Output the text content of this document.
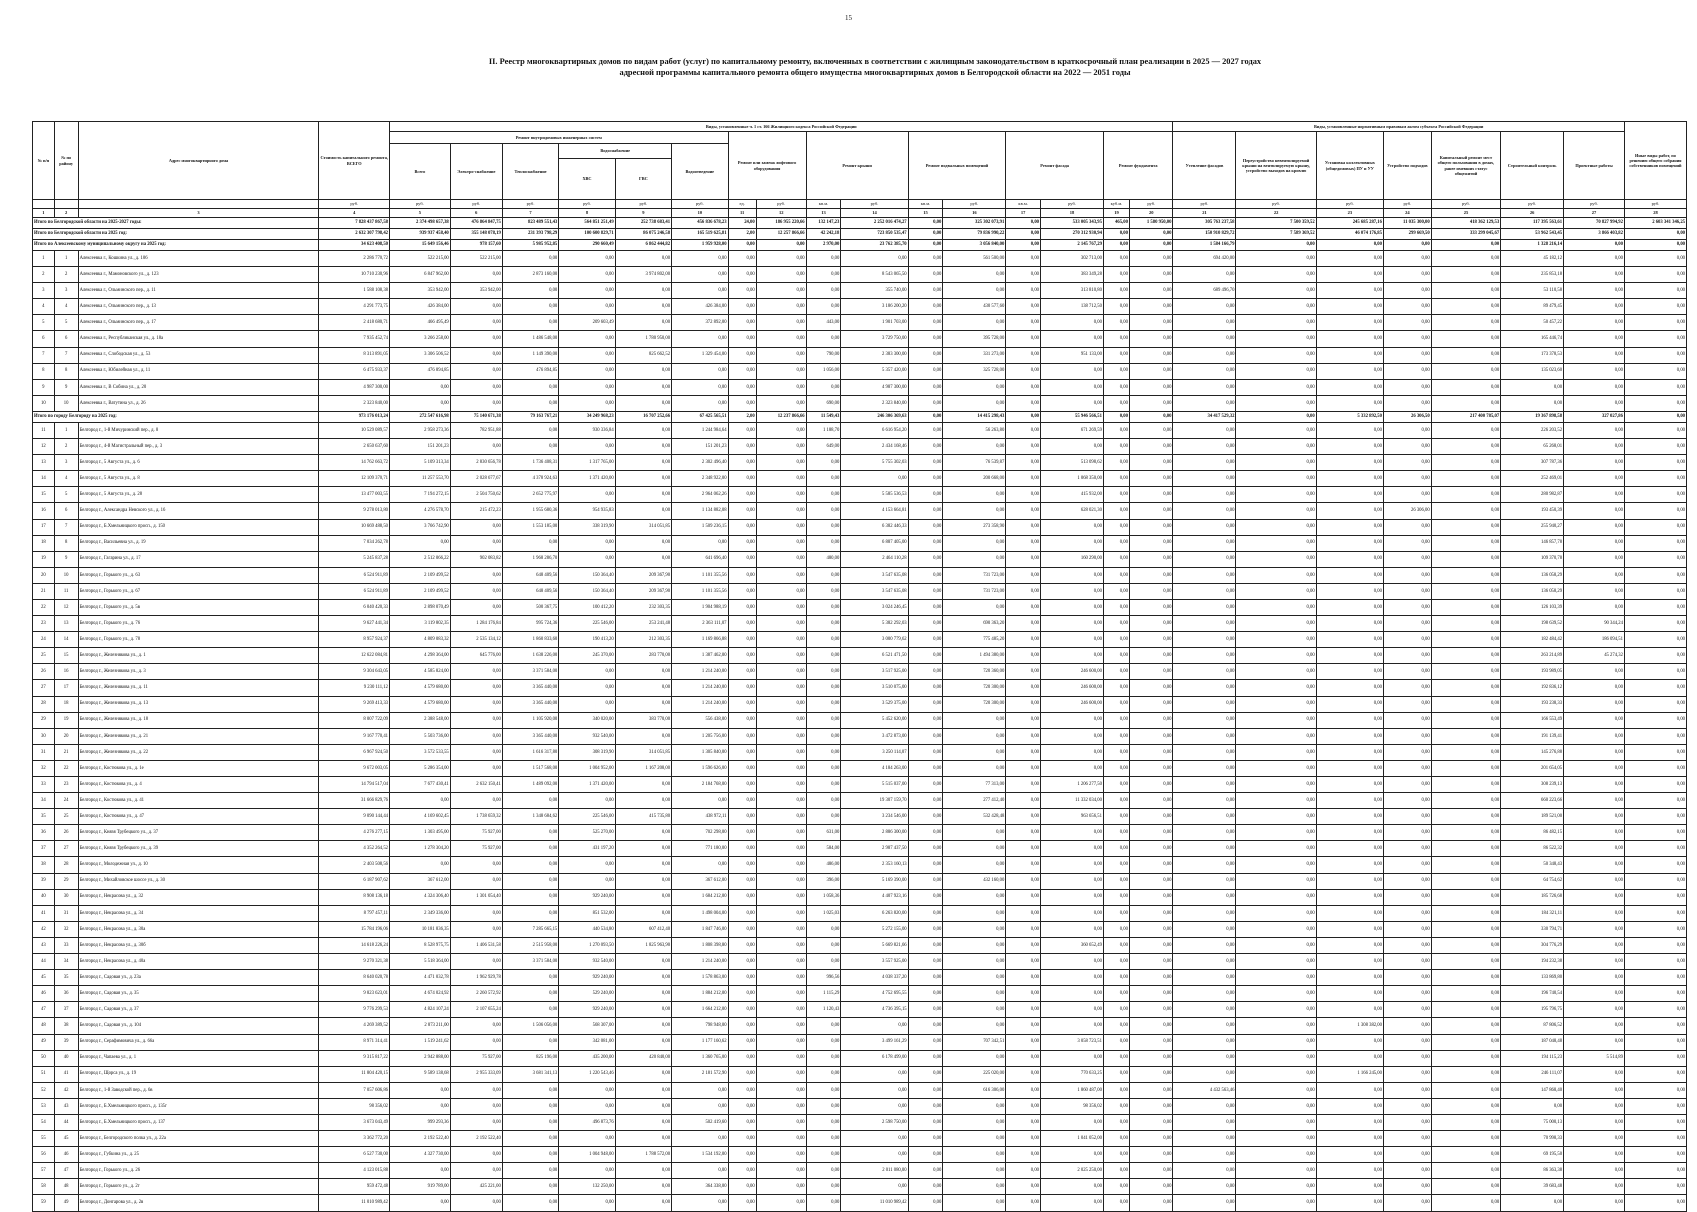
15
II. Реестр многоквартирных домов по видам работ (услуг) по капитальному ремонту, включенных в соответствии с жилищным законодательством в краткосрочный план реализации в 2025 — 2027 годах
адресной программы капитального ремонта общего имущества многоквартирных домов в Белгородской области на 2022 — 2051 годы
№ п/п	№ по району	Адрес многоквартирного дома	Стоимость капитального ремонта, ВСЕГО	Виды, установленные ч. 1 ст. 166 Жилищного кодекса Российской Федерации																Виды, установленные нормативным правовым актом субъекта Российской Федерации							Иные виды работ, по решению общего собрания собственников помещений
				Ремонт внутридомовых инженерных систем						Ремонт или замена лифтового оборудования		Ремонт крыши		Ремонт подвальных помещений		Ремонт фасада		Ремонт фундамента		Утепление фасадов	Переустройство невентилируемой крыши на вентилируемую крышу, устройство выходов на кровлю	Установка коллективных (общедомовых) ПУ и УУ	Устройство подходов	Капитальный ремонт мест общего пользования в домах, ранее имевших статус общежитий	Строительный контроль	Проектные работы	
				Всего	Электро-снабжение	Теплоснабжение	Водоснабжение		Водоотведение																		
							ХВС	ГВС																			
			руб.	руб.	руб.	руб.	руб.	руб.	руб.	ед.	руб.	кв.м.	руб.	кв.м.	руб.	кв.м.	руб.	куб.м.	руб.	руб.	руб.	руб.	руб.	руб.	руб.	руб.	руб.
1	2	3	4	5	6	7	8	9	10	11	12	13	14	15	16	17	18	19	20	21	22	23	24	25	26	27	28
Итого по Белгородской области на 2025-2027 годы:			7 828 437 867,58	2 374 498 657,38	476 864 847,75	823 489 551,43	564 851 251,49	252 738 683,41	456 836 678,23	24,00	186 955 220,66	132 147,23	2 252 016 474,27	0,00	325 302 073,91	0,00	533 005 343,95	465,00	1 580 950,00	305 763 237,58	7 500 359,52	245 685 287,16	11 035 300,00	418 362 129,53	117 395 563,61	70 827 994,92	2 603 341 346,25
Итого по Белгородской области на 2025 год:			2 632 307 798,42	939 937 458,40	355 148 078,19	231 393 798,29	100 600 829,71	86 075 246,58	165 519 625,81	2,00	12 257 866,66	42 242,18	723 850 535,47	0,00	79 836 990,22	0,00	270 312 930,94	0,00	0,00	150 910 829,72	7 589 369,52	46 074 176,85	299 669,50	333 299 045,67	53 962 543,45	3 866 403,82	0,00
Итого по Алексеевскому муниципальному округу на 2025 год:			34 623 408,50	15 649 156,46	978 157,60	5 985 952,85	290 660,49	6 862 444,82	1 959 928,00	0,00	0,00	2 970,00	23 762 385,70	0,00	3 056 840,00	0,00	2 145 767,29	0,00	0,00	1 584 166,79	0,00	0,00	0,00	0,00	1 328 216,14	0,00	0,00
1	1	Алексеевка г., Кошкина ул., д. 106	2 286 770,72	522 215,00	522 215,00	0,00	0,00	0,00	0,00	0,00	0,00	0,00	0,00	0,00	561 500,00	0,00	302 713,00	0,00	0,00	694 420,00	0,00	0,00	0,00	0,00	45 182,12	0,00	0,00
2	2	Алексеевка г., Мамоновского ул., д. 123	10 710 230,96	6 847 962,00	0,00	2 873 160,00	0,00	3 974 802,00	0,00	0,00	0,00	0,00	8 543 065,50	0,00	0,00	0,00	383 349,28	0,00	0,00	0,00	0,00	0,00	0,00	0,00	235 853,18	0,00	0,00
3	3	Алексеевка г., Ольминского пер., д. 11	1 588 108,38	353 942,00	353 942,00	0,00	0,00	0,00	0,00	0,00	0,00	0,00	355 740,00	0,00	0,00	0,00	313 810,80	0,00	0,00	689 496,70	0,00	0,00	0,00	0,00	53 110,58	0,00	0,00
4	4	Алексеевка г., Ольминского пер., д. 13	4 291 773,75	426 384,00	0,00	0,00	0,00	0,00	426 384,00	0,00	0,00	0,00	3 186 200,20	0,00	430 577,60	0,00	138 712,50	0,00	0,00	0,00	0,00	0,00	0,00	0,00	89 479,45	0,00	0,00
5	5	Алексеевка г., Ольминского пер., д. 17	2 418 680,71	466 495,49	0,00	0,00	209 603,49	0,00	372 892,00	0,00	0,00	443,00	1 901 703,00	0,00	0,00	0,00	0,00	0,00	0,00	0,00	0,00	0,00	0,00	0,00	50 457,22	0,00	0,00
6	6	Алексеевка г., Республиканская ул., д. 18а	7 935 452,74	3 266 258,00	0,00	1 486 548,00	0,00	1 780 950,00	0,00	0,00	0,00	0,00	3 729 750,00	0,00	395 728,00	0,00	0,00	0,00	0,00	0,00	0,00	0,00	0,00	0,00	165 446,74	0,00	0,00
7	7	Алексеевка г., Слободская ул., д. 53	8 313 891,05	3 306 506,52	0,00	1 149 390,00	0,00	825 662,52	1 329 454,00	0,00	0,00	790,00	2 383 300,00	0,00	331 273,00	0,00	951 133,00	0,00	0,00	0,00	0,00	0,00	0,00	0,00	173 378,53	0,00	0,00
8	8	Алексеевка г., Юбилейная ул., д. 11	6 475 933,37	476 894,85	0,00	476 894,85	0,00	0,00	0,00	0,00	0,00	1 056,00	5 357 420,00	0,00	325 728,00	0,00	0,00	0,00	0,00	0,00	0,00	0,00	0,00	0,00	135 023,60	0,00	0,00
9	9	Алексеевка г., В Собина ул., д. 20	4 987 300,00	0,00	0,00	0,00	0,00	0,00	0,00	0,00	0,00	0,00	4 987 300,00	0,00	0,00	0,00	0,00	0,00	0,00	0,00	0,00	0,00	0,00	0,00	0,00	0,00	0,00
10	10	Алексеевка г., Ватутина ул., д. 26	2 323 840,00	0,00	0,00	0,00	0,00	0,00	0,00	0,00	0,00	690,00	2 323 840,00	0,00	0,00	0,00	0,00	0,00	0,00	0,00	0,00	0,00	0,00	0,00	0,00	0,00	0,00
Итого по городу Белгороду на 2025 год:			973 176 013,24	272 547 616,98	75 140 671,38	79 163 767,21	34 249 968,23	16 707 252,66	67 425 565,51	2,00	12 237 866,66	11 549,43	246 306 369,63	0,00	14 415 298,43	0,00	55 946 566,51	0,00	0,00	34 417 529,32	0,00	5 332 892,50	26 306,50	217 400 785,07	19 367 898,58	327 027,86	0,00
11	1	Белгород г., 1-й Мичуринский пер., д. 8	10 529 089,57	2 958 273,36	782 951,88	0,00	930 336,84	0,00	1 244 984,64	0,00	0,00	1 188,70	6 616 954,20	0,00	56 263,80	0,00	671 269,59	0,00	0,00	0,00	0,00	0,00	0,00	0,00	226 203,52	0,00	0,00
12	2	Белгород г., 4-й Магистральный пер., д. 3	2 650 637,60	151 201,23	0,00	0,00	0,00	0,00	151 201,23	0,00	0,00	649,00	2 434 168,46	0,00	0,00	0,00	0,00	0,00	0,00	0,00	0,00	0,00	0,00	0,00	65 268,01	0,00	0,00
13	3	Белгород г., 5 Августа ул., д. 6	14 762 663,72	5 109 313,34	2 830 656,78	1 736 408,31	1 317 765,00	0,00	2 302 496,40	0,00	0,00	0,00	5 755 302,03	0,00	76 539,87	0,00	513 098,62	0,00	0,00	0,00	0,00	0,00	0,00	0,00	307 787,36	0,00	0,00
14	4	Белгород г., 5 Августа ул., д. 8	12 109 370,71	11 257 553,70	2 028 677,67	4 378 924,63	1 371 420,00	0,00	2 348 922,00	0,00	0,00	0,00	0,00	0,00	200 668,00	0,00	1 068 350,00	0,00	0,00	0,00	0,00	0,00	0,00	0,00	252 469,01	0,00	0,00
15	5	Белгород г., 5 Августа ул., д. 28	13 477 003,55	7 194 272,15	2 504 750,62	2 652 775,97	0,00	0,00	2 964 062,26	0,00	0,00	0,00	5 585 536,53	0,00	0,00	0,00	415 932,00	0,00	0,00	0,00	0,00	0,00	0,00	0,00	280 982,87	0,00	0,00
16	6	Белгород г., Александра Невского ул., д. 16	9 278 013,80	4 276 578,70	215 472,23	1 955 680,36	954 935,83	0,00	1 134 882,08	0,00	0,00	0,00	4 153 664,81	0,00	0,00	0,00	628 021,30	0,00	0,00	0,00	0,00	0,00	26 306,00	0,00	193 450,39	0,00	0,00
17	7	Белгород г., Б.Хмельницкого просп., д. 150	10 669 488,50	3 766 742,90	0,00	1 553 185,00	338 319,90	314 051,85	1 509 236,15	0,00	0,00	0,00	6 382 446,33	0,00	273 358,90	0,00	0,00	0,00	0,00	0,00	0,00	0,00	0,00	0,00	255 940,27	0,00	0,00
18	8	Белгород г., Васильевна ул., д. 19	7 034 262,78	0,00	0,00	0,00	0,00	0,00	0,00	0,00	0,00	0,00	6 887 405,00	0,00	0,00	0,00	0,00	0,00	0,00	0,00	0,00	0,00	0,00	0,00	146 857,78	0,00	0,00
19	9	Белгород г., Гагарина ул., д. 17	5 245 837,28	2 512 066,22	902 083,82	1 968 286,70	0,00	0,00	641 696,40	0,00	0,00	480,00	2 464 110,28	0,00	0,00	0,00	160 290,00	0,00	0,00	0,00	0,00	0,00	0,00	0,00	109 370,78	0,00	0,00
20	10	Белгород г., Горького ул., д. 63	6 524 911,89	2 109 499,52	0,00	648 409,56	150 364,40	209 367,90	1 101 355,56	0,00	0,00	0,00	3 547 635,08	0,00	731 723,00	0,00	0,00	0,00	0,00	0,00	0,00	0,00	0,00	0,00	136 058,29	0,00	0,00
21	11	Белгород г., Горького ул., д. 67	6 524 911,89	2 109 499,52	0,00	648 409,56	150 364,40	209 367,90	1 101 355,56	0,00	0,00	0,00	3 547 635,08	0,00	731 723,00	0,00	0,00	0,00	0,00	0,00	0,00	0,00	0,00	0,00	136 058,29	0,00	0,00
22	12	Белгород г., Горького ул., д. 5в	6 040 420,33	2 898 070,49	0,00	500 367,75	100 412,20	232 303,35	1 904 988,19	0,00	0,00	0,00	3 024 246,45	0,00	0,00	0,00	0,00	0,00	0,00	0,00	0,00	0,00	0,00	0,00	126 103,39	0,00	0,00
23	13	Белгород г., Горького ул., д. 76	9 627 441,34	3 119 802,35	1 284 176,84	995 724,36	225 546,00	253 241,48	2 363 111,07	0,00	0,00	0,00	5 382 292,03	0,00	690 363,20	0,00	0,00	0,00	0,00	0,00	0,00	0,00	0,00	0,00	198 639,52	90 344,24	0,00
24	14	Белгород г., Горького ул., д. 78	8 957 924,37	4 809 083,32	2 535 134,12	1 860 833,60	190 413,20	212 303,35	1 169 866,88	0,00	0,00	0,00	3 000 779,62	0,00	775 485,20	0,00	0,00	0,00	0,00	0,00	0,00	0,00	0,00	0,00	182 484,42	186 094,51	0,00
25	15	Белгород г., Железнякова ул., д. 1	12 622 084,81	4 298 364,00	645 776,00	1 638 226,00	245 370,00	283 770,00	1 387 462,00	0,00	0,00	0,00	6 521 471,50	0,00	1 494 380,00	0,00	0,00	0,00	0,00	0,00	0,00	0,00	0,00	0,00	263 214,89	45 274,32	0,00
26	16	Белгород г., Железнякова ул., д. 3	9 304 643,05	4 585 824,00	0,00	3 371 584,00	0,00	0,00	1 214 240,00	0,00	0,00	0,00	3 517 925,00	0,00	720 360,00	0,00	246 600,00	0,00	0,00	0,00	0,00	0,00	0,00	0,00	193 989,05	0,00	0,00
27	17	Белгород г., Железнякова ул., д. 11	9 230 111,12	4 579 680,00	0,00	3 365 440,00	0,00	0,00	1 214 240,00	0,00	0,00	0,00	3 510 075,00	0,00	720 300,00	0,00	246 600,00	0,00	0,00	0,00	0,00	0,00	0,00	0,00	192 836,12	0,00	0,00
28	18	Белгород г., Железнякова ул., д. 13	9 269 413,33	4 579 680,00	0,00	3 365 440,00	0,00	0,00	1 214 240,00	0,00	0,00	0,00	3 529 375,00	0,00	720 300,00	0,00	246 600,00	0,00	0,00	0,00	0,00	0,00	0,00	0,00	193 238,33	0,00	0,00
29	19	Белгород г., Железнякова ул., д. 18	8 007 722,09	2 388 548,00	0,00	1 105 920,00	340 020,00	383 770,00	556 438,00	0,00	0,00	0,00	5 452 620,00	0,00	0,00	0,00	0,00	0,00	0,00	0,00	0,00	0,00	0,00	0,00	166 553,49	0,00	0,00
30	20	Белгород г., Железнякова ул., д. 21	9 167 770,41	5 503 736,00	0,00	3 365 440,00	932 540,00	0,00	1 205 756,00	0,00	0,00	0,00	3 472 873,00	0,00	0,00	0,00	0,00	0,00	0,00	0,00	0,00	0,00	0,00	0,00	191 139,41	0,00	0,00
31	21	Белгород г., Железнякова ул., д. 22	6 967 924,50	3 572 533,55	0,00	1 616 317,80	308 319,90	314 051,85	1 305 840,00	0,00	0,00	0,00	3 250 114,07	0,00	0,00	0,00	0,00	0,00	0,00	0,00	0,00	0,00	0,00	0,00	145 276,88	0,00	0,00
32	22	Белгород г., Костюкова ул., д. 1е	9 672 003,05	5 286 354,00	0,00	1 517 568,00	1 004 952,00	1 167 208,00	1 596 626,00	0,00	0,00	0,00	4 184 263,00	0,00	0,00	0,00	0,00	0,00	0,00	0,00	0,00	0,00	0,00	0,00	201 654,05	0,00	0,00
33	23	Белгород г., Костюкова ул., д. 4	14 794 517,04	7 677 430,41	2 632 150,41	1 489 092,00	1 371 420,00	0,00	2 184 768,00	0,00	0,00	0,00	5 515 037,00	0,00	77 313,00	0,00	1 206 277,50	0,00	0,00	0,00	0,00	0,00	0,00	0,00	308 239,13	0,00	0,00
34	24	Белгород г., Костюкова ул., д. 41	31 666 829,76	0,00	0,00	0,00	0,00	0,00	0,00	0,00	0,00	0,00	19 307 159,70	0,00	277 412,40	0,00	11 332 034,00	0,00	0,00	0,00	0,00	0,00	0,00	0,00	660 223,66	0,00	0,00
35	25	Белгород г., Костюкова ул., д. 47	9 090 144,44	4 169 602,45	1 738 659,32	1 348 684,62	225 546,00	415 735,80	438 972,11	0,00	0,00	0,00	3 234 546,00	0,00	532 428,48	0,00	963 656,51	0,00	0,00	0,00	0,00	0,00	0,00	0,00	189 521,00	0,00	0,00
36	26	Белгород г., Князя Трубецкого ул., д. 37	4 276 277,15	1 303 495,00	75 927,00	0,00	525 270,00	0,00	702 298,00	0,00	0,00	631,00	2 886 300,00	0,00	0,00	0,00	0,00	0,00	0,00	0,00	0,00	0,00	0,00	0,00	86 482,15	0,00	0,00
37	27	Белгород г., Князя Трубецкого ул., д. 39	4 352 264,52	1 278 304,20	75 927,00	0,00	431 197,20	0,00	771 180,00	0,00	0,00	584,00	2 987 437,50	0,00	0,00	0,00	0,00	0,00	0,00	0,00	0,00	0,00	0,00	0,00	86 522,32	0,00	0,00
38	28	Белгород г., Молодежная ул., д. 10	2 403 508,56	0,00	0,00	0,00	0,00	0,00	0,00	0,00	0,00	486,00	2 353 160,13	0,00	0,00	0,00	0,00	0,00	0,00	0,00	0,00	0,00	0,00	0,00	50 348,43	0,00	0,00
39	29	Белгород г., Михайловское шоссе ул., д. 30	6 187 907,62	367 612,00	0,00	0,00	0,00	0,00	367 612,00	0,00	0,00	396,00	5 169 390,00	0,00	432 160,00	0,00	0,00	0,00	0,00	0,00	0,00	0,00	0,00	0,00	64 754,62	0,00	0,00
40	30	Белгород г., Некрасова ул., д. 32	8 908 136,18	4 324 306,40	1 301 054,40	0,00	929 240,00	0,00	1 684 212,00	0,00	0,00	1 058,36	4 407 923,16	0,00	0,00	0,00	0,00	0,00	0,00	0,00	0,00	0,00	0,00	0,00	185 726,68	0,00	0,00
41	31	Белгород г., Некрасова ул., д. 34	8 797 457,11	2 349 336,00	0,00	0,00	851 532,00	0,00	1 498 004,00	0,00	0,00	1 025,03	6 263 820,00	0,00	0,00	0,00	0,00	0,00	0,00	0,00	0,00	0,00	0,00	0,00	184 321,11	0,00	0,00
42	32	Белгород г., Некрасова ул., д. 30а	15 784 196,06	10 181 836,35	0,00	7 285 665,15	440 534,80	607 412,40	1 847 746,00	0,00	0,00	0,00	5 272 155,00	0,00	0,00	0,00	0,00	0,00	0,00	0,00	0,00	0,00	0,00	0,00	330 794,71	0,00	0,00
43	33	Белгород г., Некрасова ул., д. 30б	14 618 226,24	8 528 975,75	1 406 531,58	2 515 958,00	1 270 093,50	1 825 963,90	1 808 398,80	0,00	0,00	0,00	5 669 821,66	0,00	0,00	0,00	360 652,49	0,00	0,00	0,00	0,00	0,00	0,00	0,00	304 776,29	0,00	0,00
44	34	Белгород г., Некрасова ул., д. 40а	9 270 321,38	5 518 364,00	0,00	3 371 584,00	932 540,00	0,00	1 214 240,00	0,00	0,00	0,00	3 557 925,00	0,00	0,00	0,00	0,00	0,00	0,00	0,00	0,00	0,00	0,00	0,00	194 232,38	0,00	0,00
45	35	Белгород г., Садовая ул., д. 23а	8 640 020,78	4 471 032,78	1 962 929,78	0,00	929 240,00	0,00	1 578 863,00	0,00	0,00	996,56	4 038 337,20	0,00	0,00	0,00	0,00	0,00	0,00	0,00	0,00	0,00	0,00	0,00	133 869,80	0,00	0,00
46	36	Белгород г., Садовая ул., д. 35	9 823 623,01	4 674 024,92	2 260 572,92	0,00	529 240,00	0,00	1 884 212,00	0,00	0,00	1 115,29	4 752 695,55	0,00	0,00	0,00	0,00	0,00	0,00	0,00	0,00	0,00	0,00	0,00	196 740,54	0,00	0,00
47	37	Белгород г., Садовая ул., д. 37	9 776 299,53	4 824 107,24	2 107 655,24	0,00	929 240,00	0,00	1 664 212,00	0,00	0,00	1 120,43	4 736 395,15	0,00	0,00	0,00	0,00	0,00	0,00	0,00	0,00	0,00	0,00	0,00	195 796,75	0,00	0,00
48	38	Белгород г., Садовая ул., д. 104	4 269 389,52	2 873 211,00	0,00	1 506 056,00	568 307,00	0,00	798 948,00	0,00	0,00	0,00	0,00	0,00	0,00	0,00	0,00	0,00	0,00	0,00	0,00	1 308 382,00	0,00	0,00	87 806,52	0,00	0,00
49	39	Белгород г., Серафимовича ул., д. 66а	8 971 314,41	1 519 241,62	0,00	0,00	342 081,00	0,00	1 177 160,62	0,00	0,00	0,00	3 499 161,29	0,00	707 342,51	0,00	3 058 723,51	0,00	0,00	0,00	0,00	0,00	0,00	0,00	187 048,48	0,00	0,00
50	40	Белгород г., Чапаева ул., д. 1	9 315 817,22	2 942 888,00	75 927,00	825 196,00	435 200,00	420 840,00	1 360 765,00	0,00	0,00	0,00	6 178 499,00	0,00	0,00	0,00	0,00	0,00	0,00	0,00	0,00	0,00	0,00	0,00	194 115,23	5 514,89	0,00
51	41	Белгород г., Щорса ул., д. 19	11 804 420,15	9 589 138,68	2 955 333,09	3 681 341,13	1 220 543,46	0,00	2 181 572,90	0,00	0,00	0,00	0,00	0,00	225 020,00	0,00	770 633,25	0,00	0,00	0,00	0,00	1 166 245,00	0,00	0,00	246 111,07	0,00	0,00
52	42	Белгород г., 1-й Заводской пер., д. 6в	7 057 606,86	0,00	0,00	0,00	0,00	0,00	0,00	0,00	0,00	0,00	0,00	0,00	616 306,00	0,00	1 860 487,00	0,00	0,00	4 432 563,46	0,00	0,00	0,00	0,00	147 868,40	0,00	0,00
53	43	Белгород г., Б.Хмельницкого просп., д. 135г	98 356,02	0,00	0,00	0,00	0,00	0,00	0,00	0,00	0,00	0,00	0,00	0,00	0,00	0,00	98 356,02	0,00	0,00	0,00	0,00	0,00	0,00	0,00	0,00	0,00	0,00
54	44	Белгород г., Б.Хмельницкого просп., д. 137	3 673 043,49	999 293,36	0,00	0,00	496 873,76	0,00	502 419,60	0,00	0,00	0,00	2 598 750,00	0,00	0,00	0,00	0,00	0,00	0,00	0,00	0,00	0,00	0,00	0,00	75 000,13	0,00	0,00
55	45	Белгород г., Белгородского полка ул., д. 22а	3 362 772,20	2 192 522,40	2 192 522,40	0,00	0,00	0,00	0,00	0,00	0,00	0,00	0,00	0,00	0,00	0,00	1 041 052,00	0,00	0,00	0,00	0,00	0,00	0,00	0,00	70 998,33	0,00	0,00
56	46	Белгород г., Губкина ул., д. 25	6 527 730,00	4 327 730,00	0,00	0,00	1 004 948,00	1 788 572,00	1 534 192,00	0,00	0,00	0,00	0,00	0,00	0,00	0,00	0,00	0,00	0,00	0,00	0,00	0,00	0,00	0,00	69 195,50	0,00	0,00
57	47	Белгород г., Горького ул., д. 26	4 123 015,88	0,00	0,00	0,00	0,00	0,00	0,00	0,00	0,00	0,00	2 011 080,00	0,00	0,00	0,00	2 025 250,00	0,00	0,00	0,00	0,00	0,00	0,00	0,00	86 363,38	0,00	0,00
58	48	Белгород г., Горького ул., д. 2г	959 472,48	919 789,00	425 221,00	0,00	132 250,00	0,00	364 338,00	0,00	0,00	0,00	0,00	0,00	0,00	0,00	0,00	0,00	0,00	0,00	0,00	0,00	0,00	0,00	39 683,48	0,00	0,00
59	49	Белгород г., Донгарова ул., д. 2в	11 010 989,42	0,00	0,00	0,00	0,00	0,00	0,00	0,00	0,00	0,00	11 010 989,42	0,00	0,00	0,00	0,00	0,00	0,00	0,00	0,00	0,00	0,00	0,00	0,00	0,00	0,00
